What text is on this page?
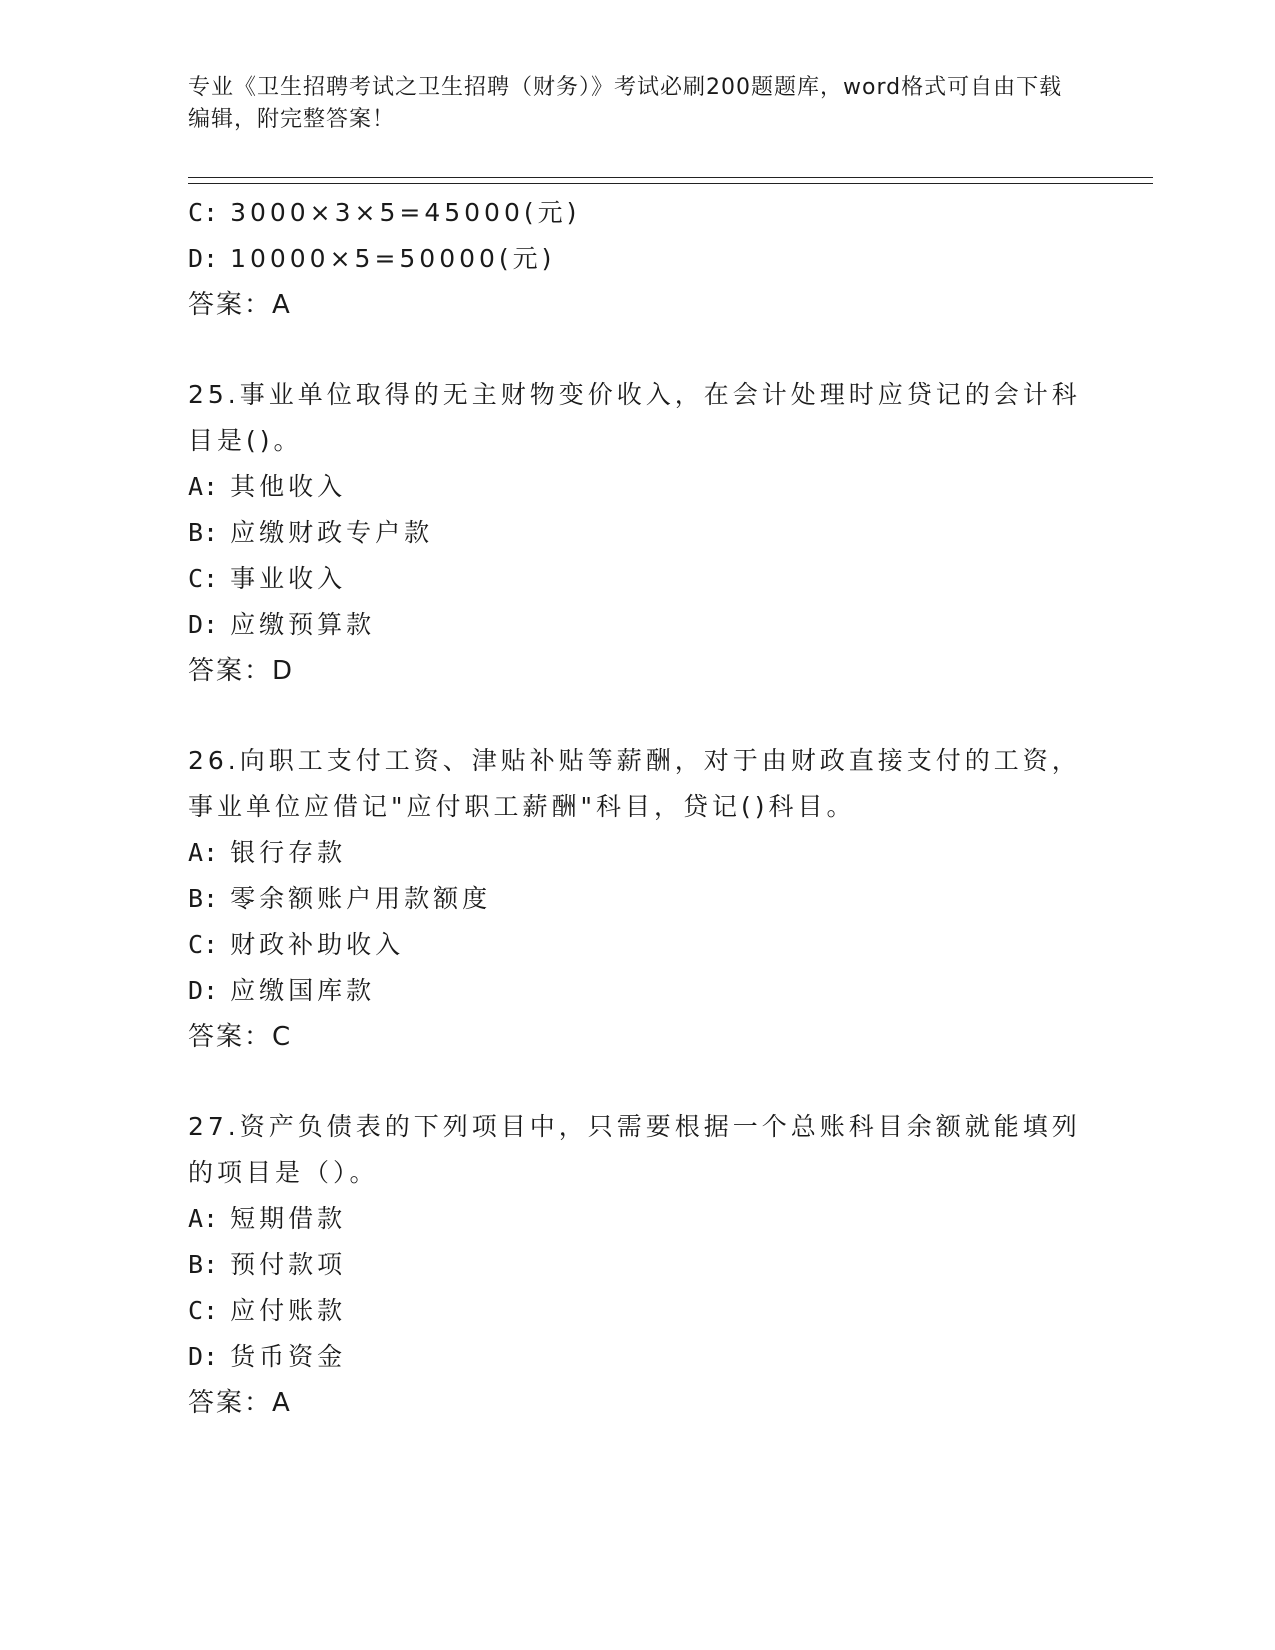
专业《卫生招聘考试之卫生招聘（财务）》考试必刷200题题库，word格式可自由下载编辑，附完整答案！
C: 3000×3×5=45000(元)
D: 10000×5=50000(元)
答案：A
25.事业单位取得的无主财物变价收入，在会计处理时应贷记的会计科
目是()。
A: 其他收入
B: 应缴财政专户款
C: 事业收入
D: 应缴预算款
答案：D
26.向职工支付工资、津贴补贴等薪酬，对于由财政直接支付的工资，
事业单位应借记"应付职工薪酬"科目，贷记()科目。
A: 银行存款
B: 零余额账户用款额度
C: 财政补助收入
D: 应缴国库款
答案：C
27.资产负债表的下列项目中，只需要根据一个总账科目余额就能填列
的项目是（）。
A: 短期借款
B: 预付款项
C: 应付账款
D: 货币资金
答案：A
